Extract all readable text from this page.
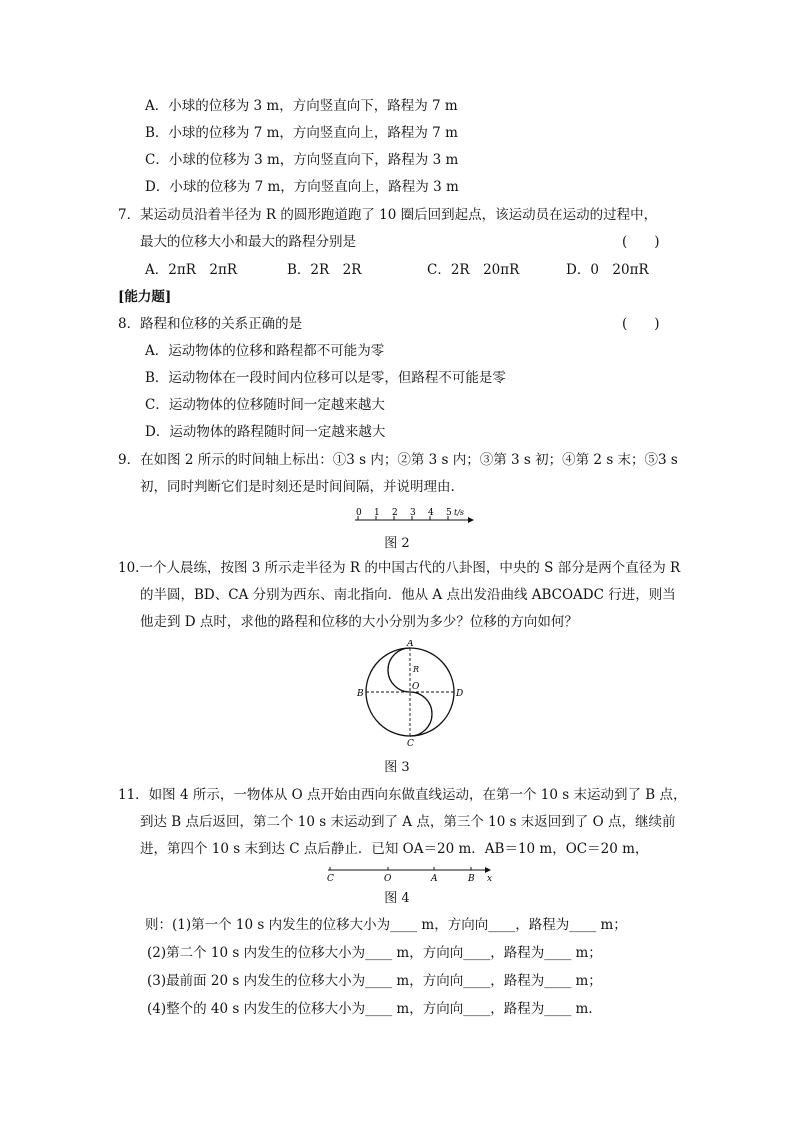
A．小球的位移为 3 m，方向竖直向下，路程为 7 m
B．小球的位移为 7 m，方向竖直向上，路程为 7 m
C．小球的位移为 3 m，方向竖直向下，路程为 3 m
D．小球的位移为 7 m，方向竖直向上，路程为 3 m
7．某运动员沿着半径为 R 的圆形跑道跑了 10 圈后回到起点，该运动员在运动的过程中，
最大的位移大小和最大的路程分别是	(　　)
A．2πR　2πR	B．2R　2R	C．2R　20πR	D．0　20πR
[能力题]
8．路程和位移的关系正确的是	(　　)
A．运动物体的位移和路程都不可能为零
B．运动物体在一段时间内位移可以是零，但路程不可能是零
C．运动物体的位移随时间一定越来越大
D．运动物体的路程随时间一定越来越大
9．在如图 2 所示的时间轴上标出：①3 s 内；②第 3 s 内；③第 3 s 初；④第 2 s 末；⑤3 s
初，同时判断它们是时刻还是时间间隔，并说明理由.
0 1 2 3 4 5 t/s
图 2
10.一个人晨练，按图 3 所示走半径为 R 的中国古代的八卦图，中央的 S 部分是两个直径为 R
的半圆，BD、CA 分别为西东、南北指向．他从 A 点出发沿曲线 ABCOADC 行进，则当
他走到 D 点时，求他的路程和位移的大小分别为多少？位移的方向如何？
A
B
C
D
O
R
图 3
11．如图 4 所示，一物体从 O 点开始由西向东做直线运动，在第一个 10 s 末运动到了 B 点，
到达 B 点后返回，第二个 10 s 末运动到了 A 点，第三个 10 s 末返回到了 O 点，继续前
进，第四个 10 s 末到达 C 点后静止．已知 OA＝20 m．AB＝10 m，OC＝20 m，
C	O	A	B x
图 4
则：(1)第一个 10 s 内发生的位移大小为____ m，方向向____，路程为____ m；
(2)第二个 10 s 内发生的位移大小为____ m，方向向____，路程为____ m；
(3)最前面 20 s 内发生的位移大小为____ m，方向向____，路程为____ m；
(4)整个的 40 s 内发生的位移大小为____ m，方向向____，路程为____ m.
